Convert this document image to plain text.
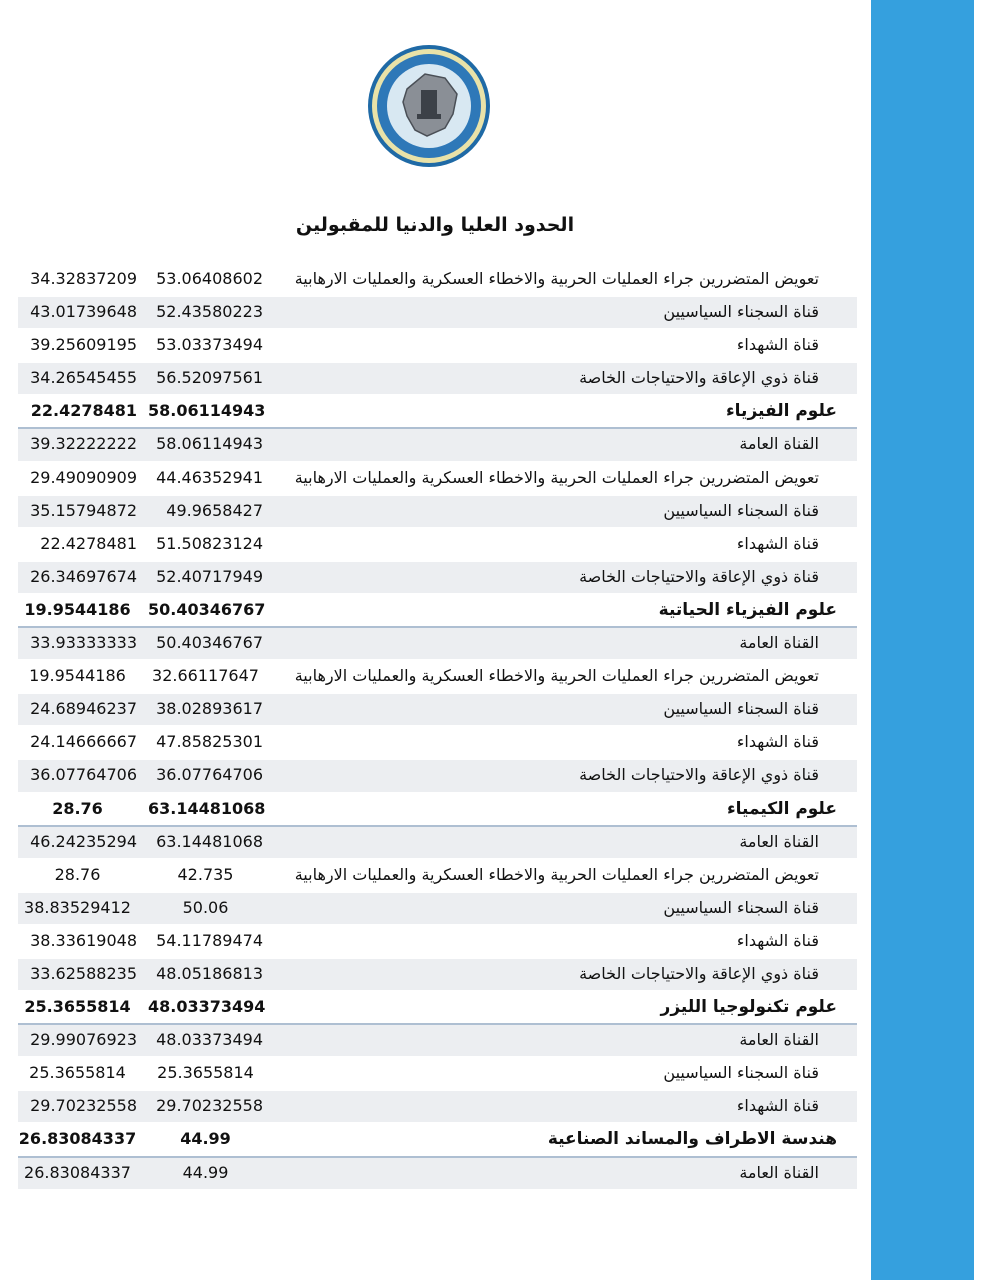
الحدود العليا والدنيا للمقبولين
34.32837209	53.06408602 تعويض المتضررين جراء العمليات الحربية والاخطاء العسكرية والعمليات الارهابية
43.01739648	52.43580223	قناة السجناء السياسيين
39.25609195	53.03373494	قناة الشهداء
34.26545455	56.52097561	قناة ذوي الإعاقة والاحتياجات الخاصة
22.4278481 58.06114943	علوم الفيزياء
39.32222222	58.06114943	القناة العامة
29.49090909	44.46352941 تعويض المتضررين جراء العمليات الحربية والاخطاء العسكرية والعمليات الارهابية
35.15794872	49.9658427	قناة السجناء السياسيين
22.4278481	51.50823124	قناة الشهداء
26.34697674	52.40717949	قناة ذوي الإعاقة والاحتياجات الخاصة
19.9544186	50.40346767	علوم الفيزياء الحياتية
33.93333333	50.40346767	القناة العامة
19.9544186	32.66117647 تعويض المتضررين جراء العمليات الحربية والاخطاء العسكرية والعمليات الارهابية
24.68946237	38.02893617	قناة السجناء السياسيين
24.14666667	47.85825301	قناة الشهداء
36.07764706	36.07764706	قناة ذوي الإعاقة والاحتياجات الخاصة
28.76	63.14481068	علوم الكيمياء
46.24235294	63.14481068	القناة العامة
28.76	42.735	تعويض المتضررين جراء العمليات الحربية والاخطاء العسكرية والعمليات الارهابية
38.83529412	50.06	قناة السجناء السياسيين
38.33619048	54.11789474	قناة الشهداء
33.62588235	48.05186813	قناة ذوي الإعاقة والاحتياجات الخاصة
25.3655814	48.03373494	علوم تكنولوجيا الليزر
29.99076923	48.03373494	القناة العامة
25.3655814	25.3655814	قناة السجناء السياسيين
29.70232558	29.70232558	قناة الشهداء
26.83084337	44.99	هندسة الاطراف والمساند الصناعية
26.83084337	44.99	القناة العامة
